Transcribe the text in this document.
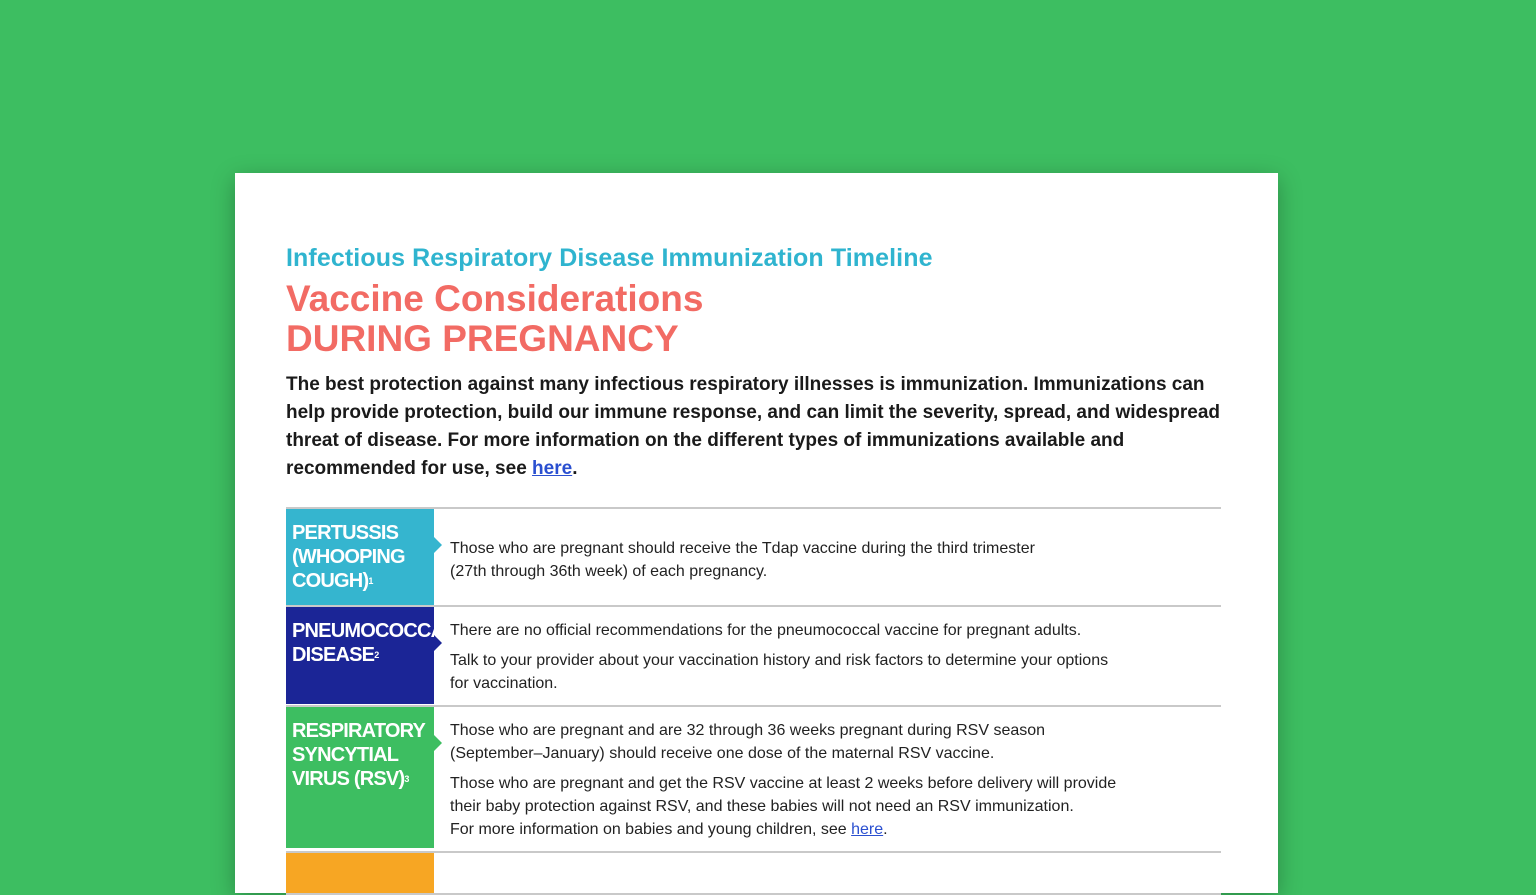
Infectious Respiratory Disease Immunization Timeline
Vaccine Considerations
DURING PREGNANCY
The best protection against many infectious respiratory illnesses is immunization. Immunizations can help provide protection, build our immune response, and can limit the severity, spread, and widespread threat of disease. For more information on the different types of immunizations available and recommended for use, see here.
PERTUSSIS
(WHOOPING
COUGH)$^1$

Those who are pregnant should receive the Tdap vaccine during the third trimester
(27th through 36th week) of each pregnancy.

PNEUMOCOCCAL
DISEASE$^2$

There are no official recommendations for the pneumococcal vaccine for pregnant adults.

Talk to your provider about your vaccination history and risk factors to determine your options
for vaccination.

RESPIRATORY
SYNCYTIAL
VIRUS (RSV)$^3$

Those who are pregnant and are 32 through 36 weeks pregnant during RSV season
(September–January) should receive one dose of the maternal RSV vaccine.

Those who are pregnant and get the RSV vaccine at least 2 weeks before delivery will provide
their baby protection against RSV, and these babies will not need an RSV immunization.
For more information on babies and young children, see here.
